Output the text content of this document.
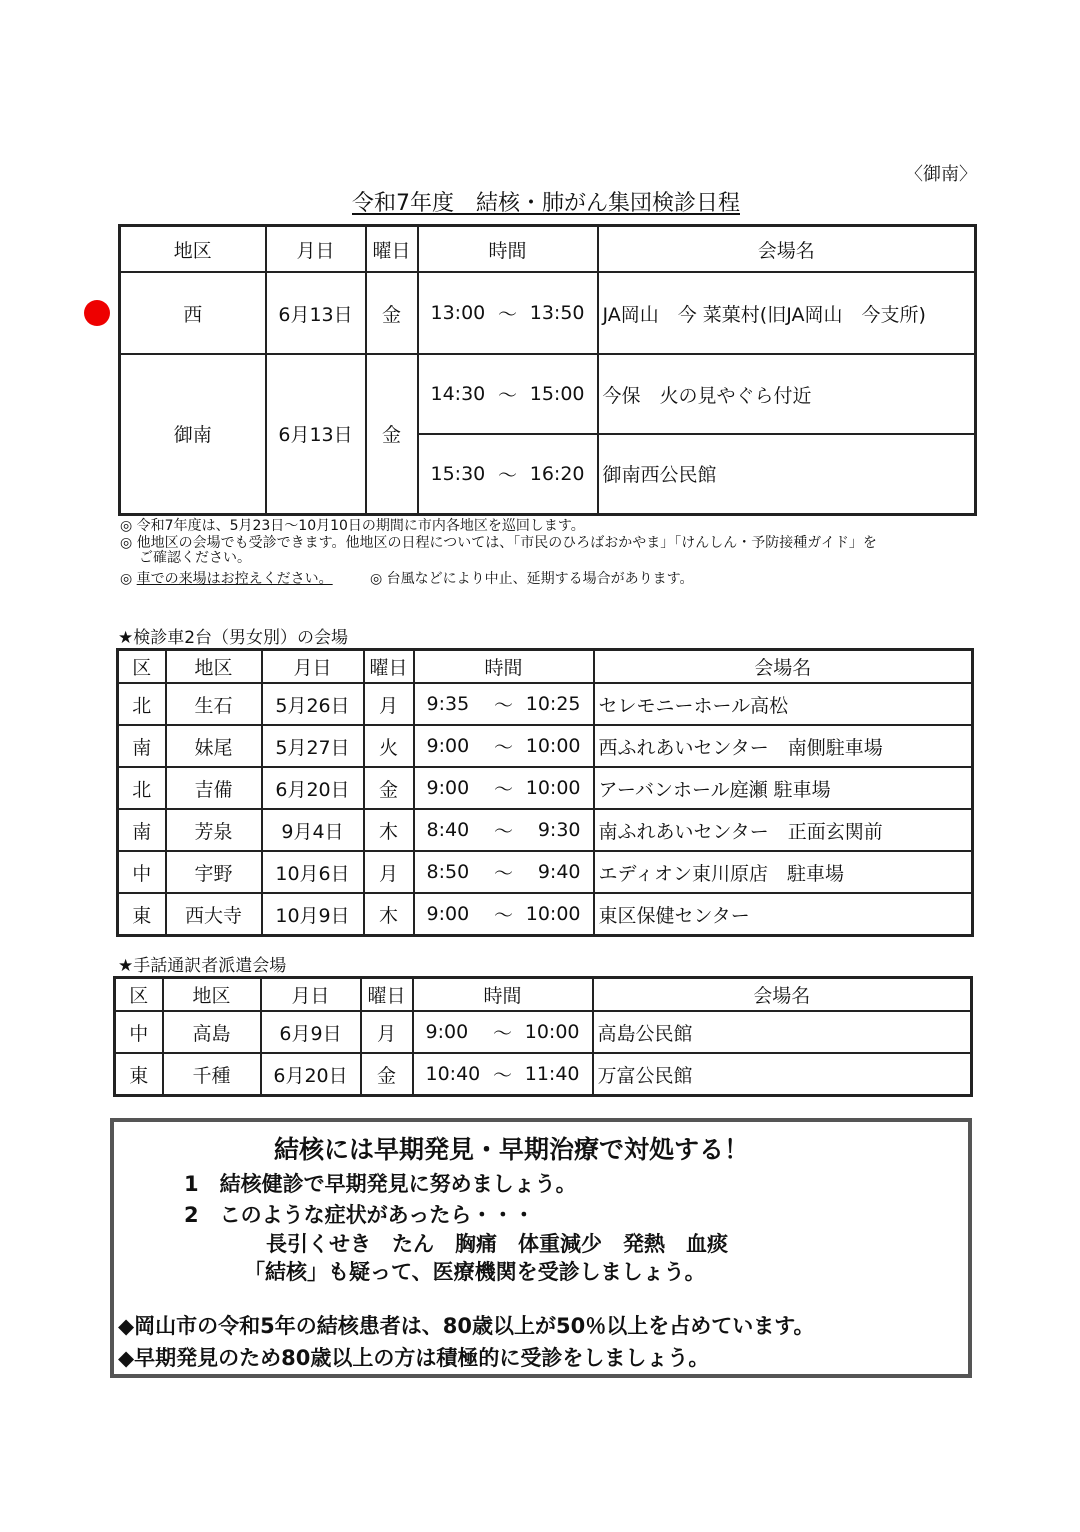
〈御南〉
令和7年度　結核・肺がん集団検診日程
地区	月日	曜日	時間	会場名
西	6月13日	金	13:00 ～ 13:50	JA岡山　今 菜菓村(旧JA岡山　今支所)
御南	6月13日	金	14:30 ～ 15:00	今保　火の見やぐら付近

			15:30 ～ 16:20	御南西公民館
◎ 令和7年度は、5月23日～10月10日の期間に市内各地区を巡回します。
◎ 他地区の会場でも受診できます。他地区の日程については、「市民のひろばおかやま」「けんしん・予防接種ガイド」を
ご確認ください。
◎ 車での来場はお控えください。	◎ 台風などにより中止、延期する場合があります。
★検診車2台（男女別）の会場
区	地区	月日	曜日	時間	会場名
北	生石	5月26日	月	9:35 ～ 10:25	セレモニーホール高松
南	妹尾	5月27日	火	9:00 ～ 10:00	西ふれあいセンター　南側駐車場
北	吉備	6月20日	金	9:00 ～ 10:00	アーバンホール庭瀬 駐車場
南	芳泉	9月4日	木	8:40 ～ 9:30	南ふれあいセンター　正面玄関前
中	宇野	10月6日	月	8:50 ～ 9:40	エディオン東川原店　駐車場
東	西大寺	10月9日	木	9:00 ～ 10:00	東区保健センター
★手話通訳者派遣会場
区	地区	月日	曜日	時間	会場名
中	高島	6月9日	月	9:00 ～ 10:00	高島公民館
東	千種	6月20日	金	10:40 ～ 11:40	万富公民館
結核には早期発見・早期治療で対処する！
1　結核健診で早期発見に努めましょう。
2　このような症状があったら・・・
長引くせき　たん　胸痛　体重減少　発熱　血痰
「結核」も疑って、医療機関を受診しましょう。
◆岡山市の令和5年の結核患者は、80歳以上が50％以上を占めています。
◆早期発見のため80歳以上の方は積極的に受診をしましょう。
